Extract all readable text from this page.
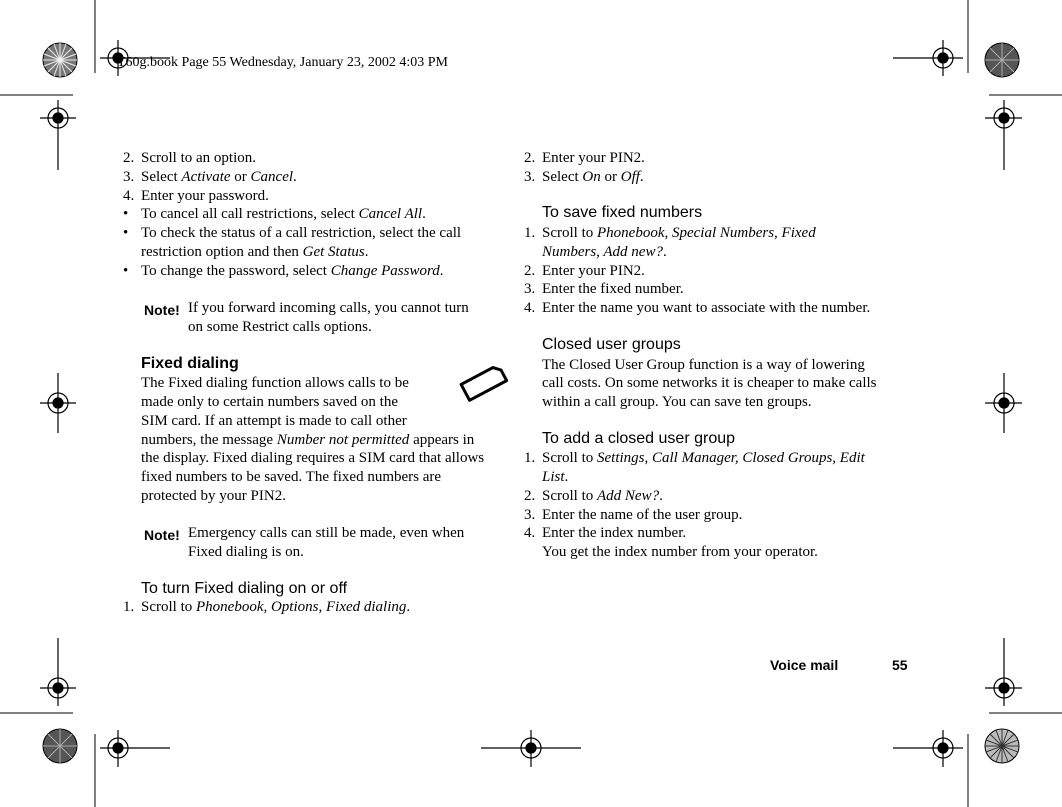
T60g.book Page 55 Wednesday, January 23, 2002 4:03 PM
2. Scroll to an option.
3. Select Activate or Cancel.
4. Enter your password.
• To cancel all call restrictions, select Cancel All.
• To check the status of a call restriction, select the call
restriction option and then Get Status.
• To change the password, select Change Password.
Note! If you forward incoming calls, you cannot turn
on some Restrict calls options.
Fixed dialing
The Fixed dialing function allows calls to be
made only to certain numbers saved on the
SIM card. If an attempt is made to call other
numbers, the message Number not permitted appears in
the display. Fixed dialing requires a SIM card that allows
fixed numbers to be saved. The fixed numbers are
protected by your PIN2.
Note! Emergency calls can still be made, even when
Fixed dialing is on.
To turn Fixed dialing on or off
1. Scroll to Phonebook, Options, Fixed dialing.
2. Enter your PIN2.
3. Select On or Off.
To save fixed numbers
1. Scroll to Phonebook, Special Numbers, Fixed
Numbers, Add new?.
2. Enter your PIN2.
3. Enter the fixed number.
4. Enter the name you want to associate with the number.
Closed user groups
The Closed User Group function is a way of lowering
call costs. On some networks it is cheaper to make calls
within a call group. You can save ten groups.
To add a closed user group
1. Scroll to Settings, Call Manager, Closed Groups, Edit
List.
2. Scroll to Add New?.
3. Enter the name of the user group.
4. Enter the index number.
You get the index number from your operator.
Voice mail	55
